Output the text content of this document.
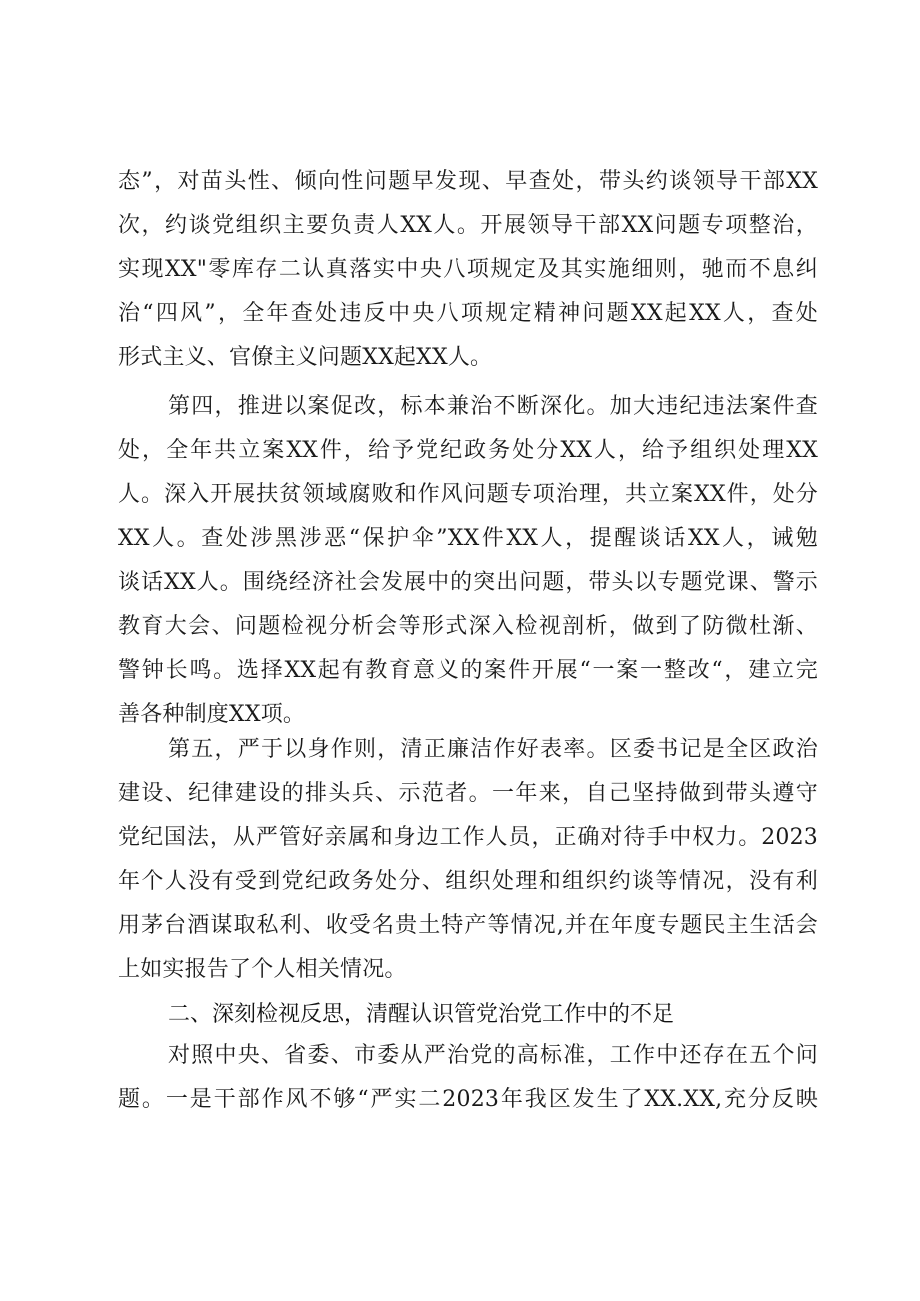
态”，对苗头性、倾向性问题早发现、早查处，带头约谈领导干部XX
次，约谈党组织主要负责人XX人。开展领导干部XX问题专项整治，
实现XX"零库存二认真落实中央八项规定及其实施细则，驰而不息纠
治“四风”，全年查处违反中央八项规定精神问题XX起XX人，查处
形式主义、官僚主义问题XX起XX人。
第四，推进以案促改，标本兼治不断深化。加大违纪违法案件查
处，全年共立案XX件，给予党纪政务处分XX人，给予组织处理XX
人。深入开展扶贫领域腐败和作风问题专项治理，共立案XX件，处分
XX人。查处涉黑涉恶“保护伞”XX件XX人，提醒谈话XX人，诫勉
谈话XX人。围绕经济社会发展中的突出问题，带头以专题党课、警示
教育大会、问题检视分析会等形式深入检视剖析，做到了防微杜渐、
警钟长鸣。选择XX起有教育意义的案件开展“一案一整改“，建立完
善各种制度XX项。
第五，严于以身作则，清正廉洁作好表率。区委书记是全区政治
建设、纪律建设的排头兵、示范者。一年来，自己坚持做到带头遵守
党纪国法，从严管好亲属和身边工作人员，正确对待手中权力。2023
年个人没有受到党纪政务处分、组织处理和组织约谈等情况，没有利
用茅台酒谋取私利、收受名贵土特产等情况,并在年度专题民主生活会
上如实报告了个人相关情况。
二、深刻检视反思，清醒认识管党治党工作中的不足
对照中央、省委、市委从严治党的高标准，工作中还存在五个问
题。一是干部作风不够“严实二2023年我区发生了XX.XX,充分反映
